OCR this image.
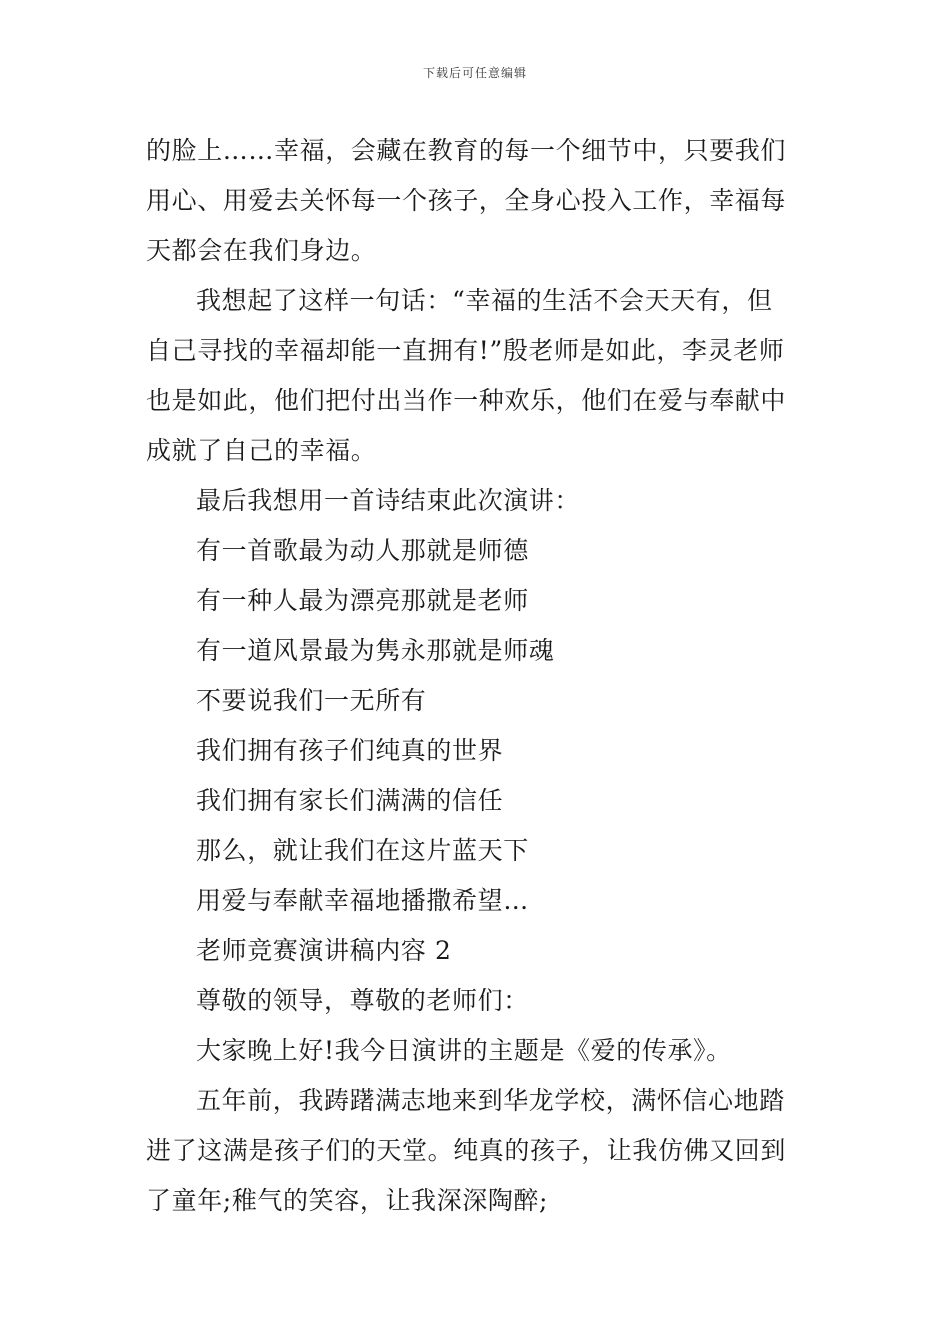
下载后可任意编辑

的脸上……幸福，会藏在教育的每一个细节中，只要我们

用心、用爱去关怀每一个孩子，全身心投入工作，幸福每

天都会在我们身边。

我想起了这样一句话：“幸福的生活不会天天有，但

自己寻找的幸福却能一直拥有!”殷老师是如此，李灵老师

也是如此，他们把付出当作一种欢乐，他们在爱与奉献中

成就了自己的幸福。

最后我想用一首诗结束此次演讲：

有一首歌最为动人那就是师德

有一种人最为漂亮那就是老师

有一道风景最为隽永那就是师魂

不要说我们一无所有

我们拥有孩子们纯真的世界

我们拥有家长们满满的信任

那么，就让我们在这片蓝天下

用爱与奉献幸福地播撒希望…

老师竞赛演讲稿内容 2

尊敬的领导，尊敬的老师们：

大家晚上好!我今日演讲的主题是《爱的传承》。

五年前，我踌躇满志地来到华龙学校，满怀信心地踏

进了这满是孩子们的天堂。纯真的孩子，让我仿佛又回到

了童年;稚气的笑容，让我深深陶醉;
